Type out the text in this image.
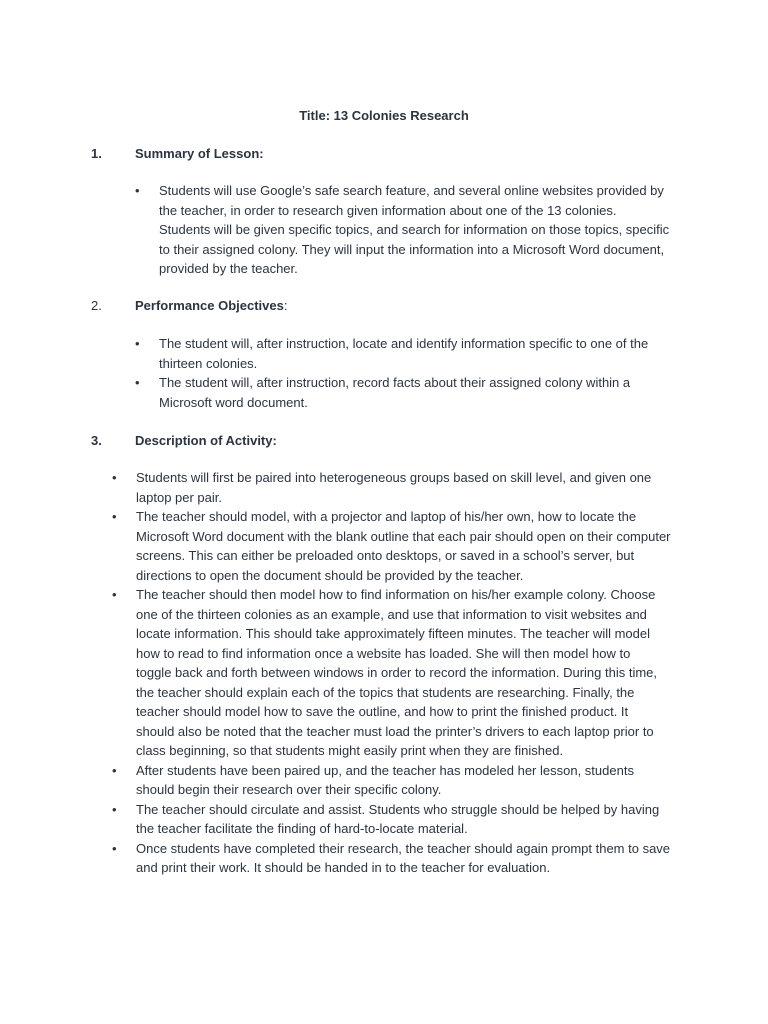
Title: 13 Colonies Research
1.	Summary of Lesson:
• Students will use Google’s safe search feature, and several online websites provided by
the teacher, in order to research given information about one of the 13 colonies.
Students will be given specific topics, and search for information on those topics, specific
to their assigned colony. They will input the information into a Microsoft Word document,
provided by the teacher.
2.	Performance Objectives:
• The student will, after instruction, locate and identify information specific to one of the
thirteen colonies.
• The student will, after instruction, record facts about their assigned colony within a
Microsoft word document.
3.	Description of Activity:
• Students will first be paired into heterogeneous groups based on skill level, and given one
laptop per pair.
• The teacher should model, with a projector and laptop of his/her own, how to locate the
Microsoft Word document with the blank outline that each pair should open on their computer
screens. This can either be preloaded onto desktops, or saved in a school’s server, but
directions to open the document should be provided by the teacher.
• The teacher should then model how to find information on his/her example colony. Choose
one of the thirteen colonies as an example, and use that information to visit websites and
locate information. This should take approximately fifteen minutes. The teacher will model
how to read to find information once a website has loaded. She will then model how to
toggle back and forth between windows in order to record the information. During this time,
the teacher should explain each of the topics that students are researching. Finally, the
teacher should model how to save the outline, and how to print the finished product. It
should also be noted that the teacher must load the printer’s drivers to each laptop prior to
class beginning, so that students might easily print when they are finished.
• After students have been paired up, and the teacher has modeled her lesson, students
should begin their research over their specific colony.
• The teacher should circulate and assist. Students who struggle should be helped by having
the teacher facilitate the finding of hard-to-locate material.
• Once students have completed their research, the teacher should again prompt them to save
and print their work. It should be handed in to the teacher for evaluation.
